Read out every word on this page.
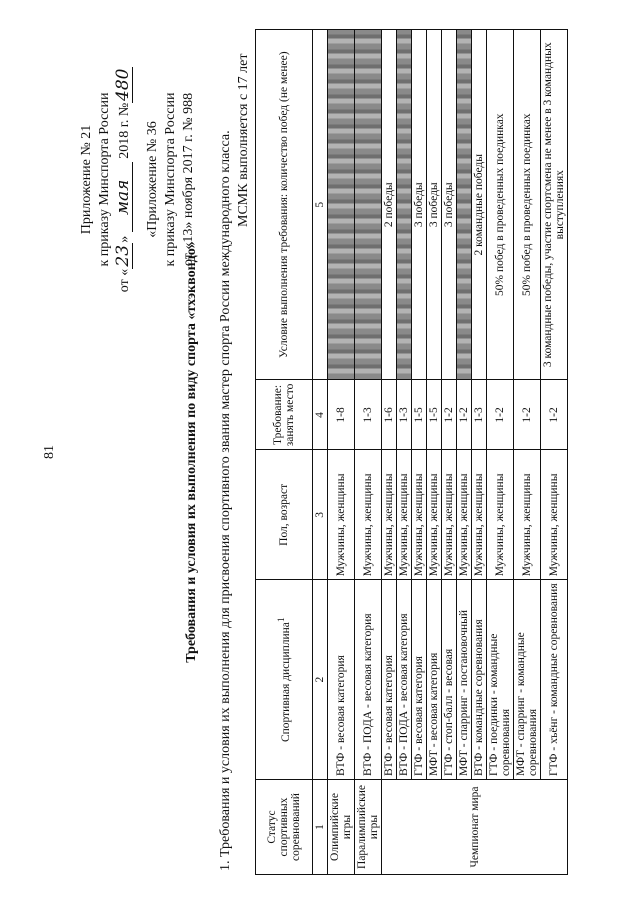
81
Приложение № 21 к приказу Минспорта России
от «23» мая 2018 г. №480
«Приложение № 36 к приказу Минспорта России от «13» ноября 2017 г. № 988
Требования и условия их выполнения по виду спорта «тхэквондо» 1. Требования и условия их выполнения для присвоения спортивного звания мастер спорта России международного класса. МСМК выполняется с 17 лет
Статус спортивных соревнований	Спортивная дисциплина$^1$	Пол, возраст	Требование: занять место	Условие выполнения требования: количество побед (не менее)
1	2	3	4	5
Олимпийские игры	ВТФ - весовая категория	Мужчины, женщины	1-8	
Паралимпийские игры	ВТФ - ПОДА - весовая категория	Мужчины, женщины	1-3	
Чемпионат мира	ВТФ - весовая категория	Мужчины, женщины	1-6	2 победы
	ВТФ - ПОДА - весовая категория	Мужчины, женщины	1-3	
	ГТФ - весовая категория	Мужчины, женщины	1-5	3 победы
	МФТ - весовая категория	Мужчины, женщины	1-5	3 победы
	ГТФ - стоп-балл - весовая	Мужчины, женщины	1-2	3 победы
	МФТ - спарринг - постановочный	Мужчины, женщины	1-2	
	ВТФ - командные соревнования	Мужчины, женщины	1-3	2 командные победы
	ГТФ - поединки - командные соревнования	Мужчины, женщины	1-2	50% побед в проведенных поединках
	МФТ - спарринг - командные соревнования	Мужчины, женщины	1-2	50% побед в проведенных поединках
	ГТФ - хъёнг - командные соревнования	Мужчины, женщины	1-2	3 командные победы, участие спортсмена не менее в 3 командных выступлениях
